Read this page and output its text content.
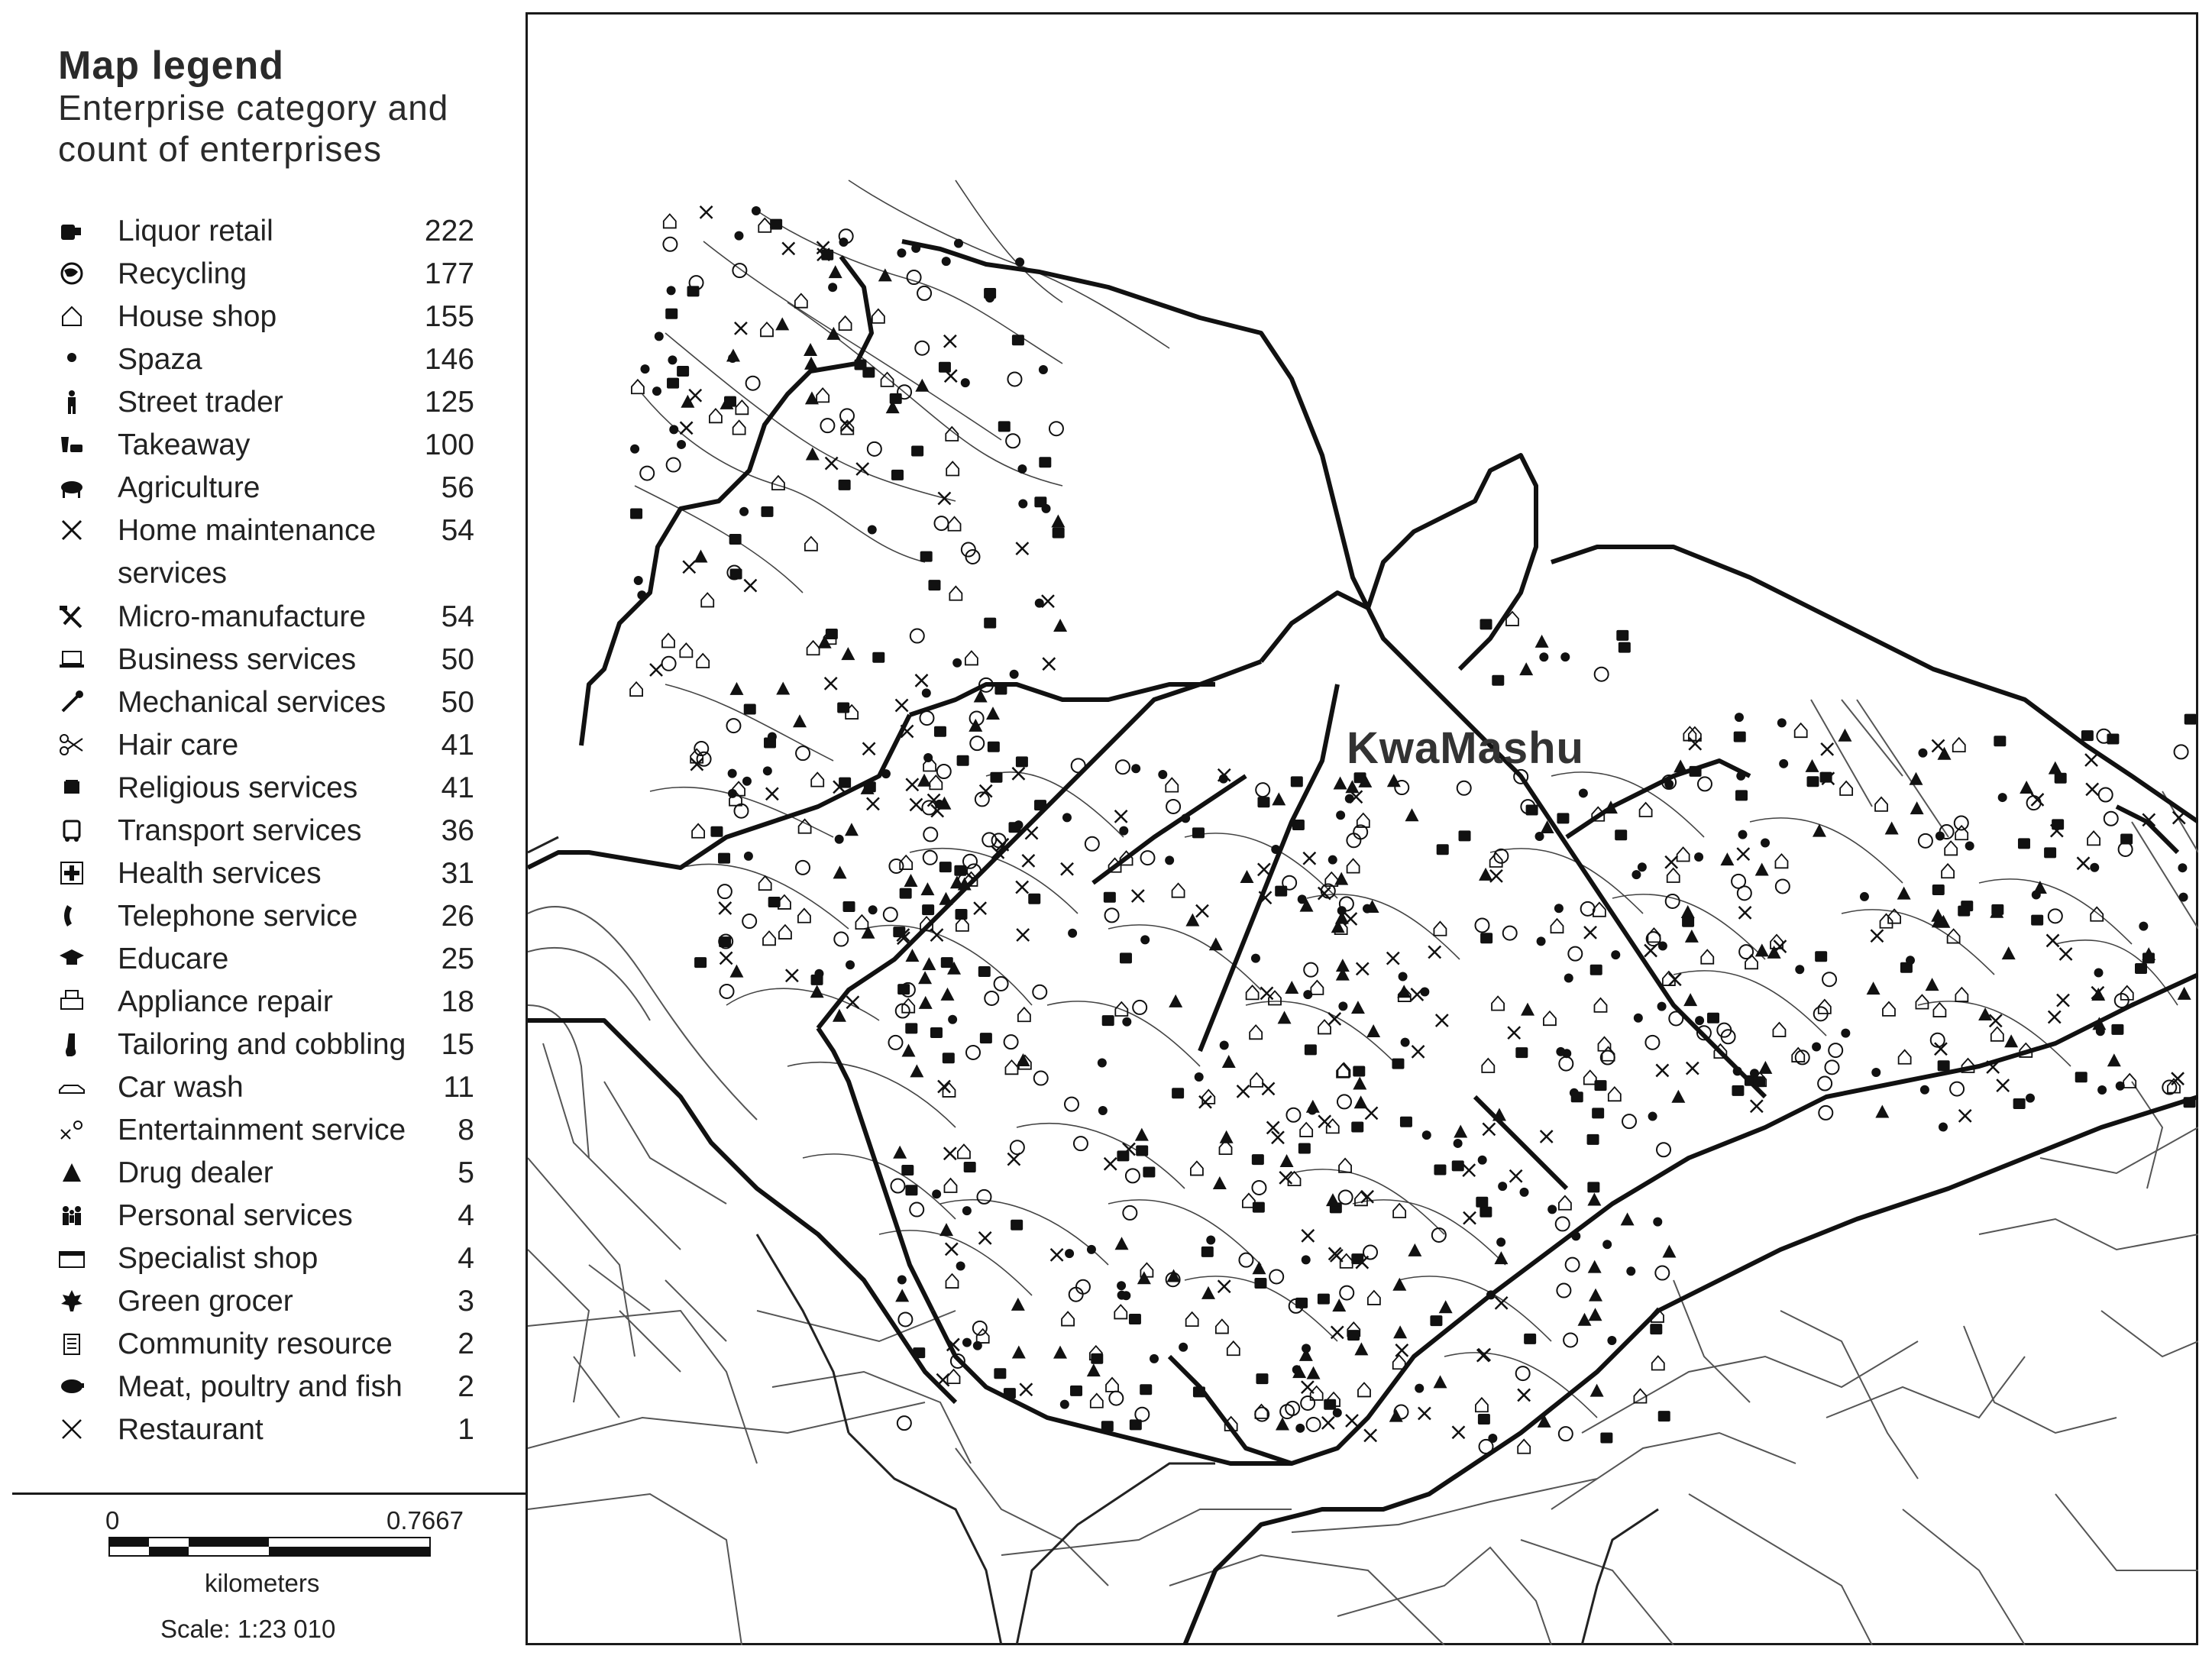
Map legend
Enterprise category and count of enterprises
Liquor retail	222
Recycling	177
House shop	155
Spaza	146
Street trader	125
Takeaway	100
Agriculture	56
Home maintenance
services
54
Micro-manufacture	54
Business services	50
Mechanical services 50
Hair care	41
Religious services	41
Transport services	36
Health services	31
Telephone service	26
Educare	25
Appliance repair	18
Tailoring and cobbling 15
Car wash	11
Entertainment service 8
Drug dealer	5
Personal services	4
Specialist shop	4
Green grocer	3
Community resource 2
Meat, poultry and fish 2
Restaurant	1
0	0.7667
kilometers
Scale: 1:23 010
KwaMashu
